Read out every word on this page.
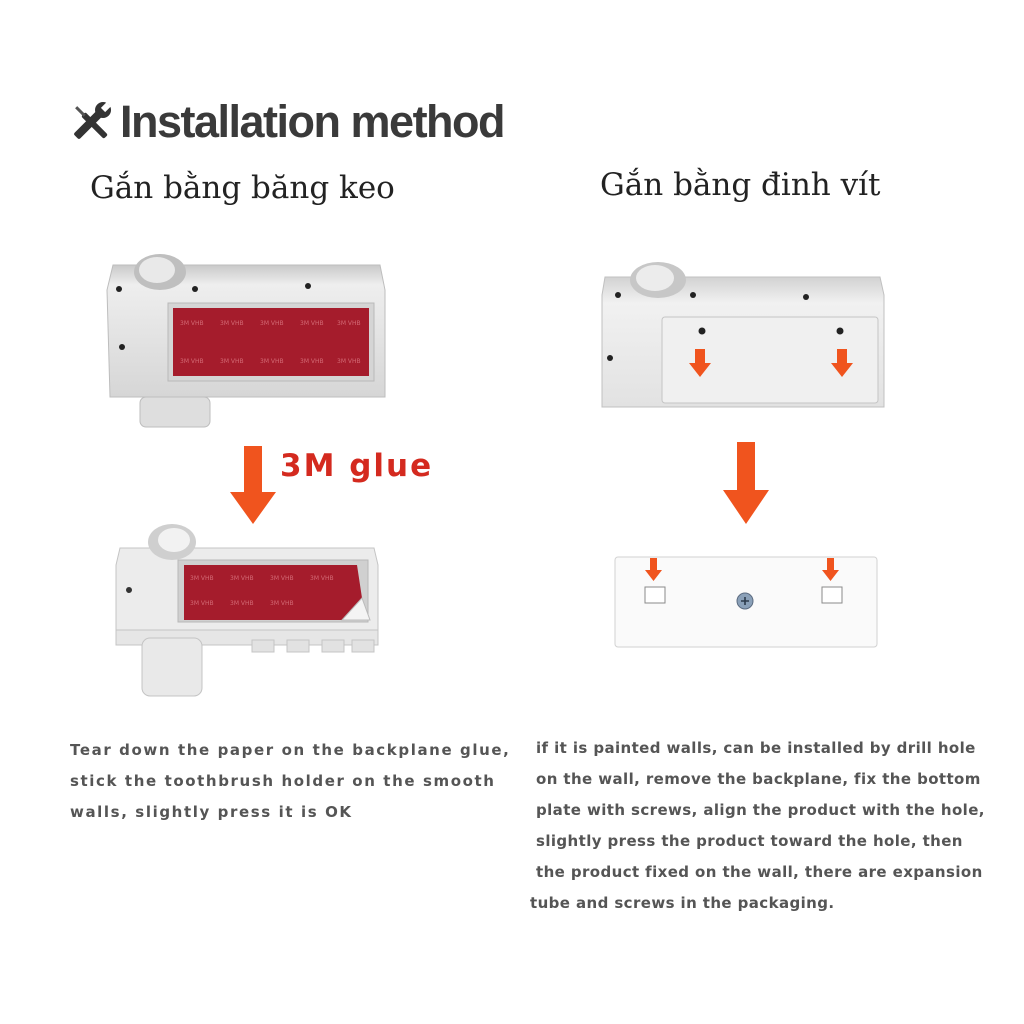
Installation method
Gắn bằng băng keo	Gắn bằng đinh vít
3M VHB	3M VHB	3M VHB	3M VHB 3M VHB
3M VHB	3M VHB	3M VHB	3M VHB 3M VHB
3M glue
3M VHB	3M VHB	3M VHB	3M VHB
3M VHB	3M VHB	3M VHB
Tear down the paper on the backplane glue,
stick the toothbrush holder on the smooth
walls, slightly press it is OK
if it is painted walls, can be installed by drill hole
on the wall, remove the backplane, fix the bottom
plate with screws, align the product with the hole,
slightly press the product toward the hole, then
the product fixed on the wall, there are expansion
tube and screws in the packaging.
